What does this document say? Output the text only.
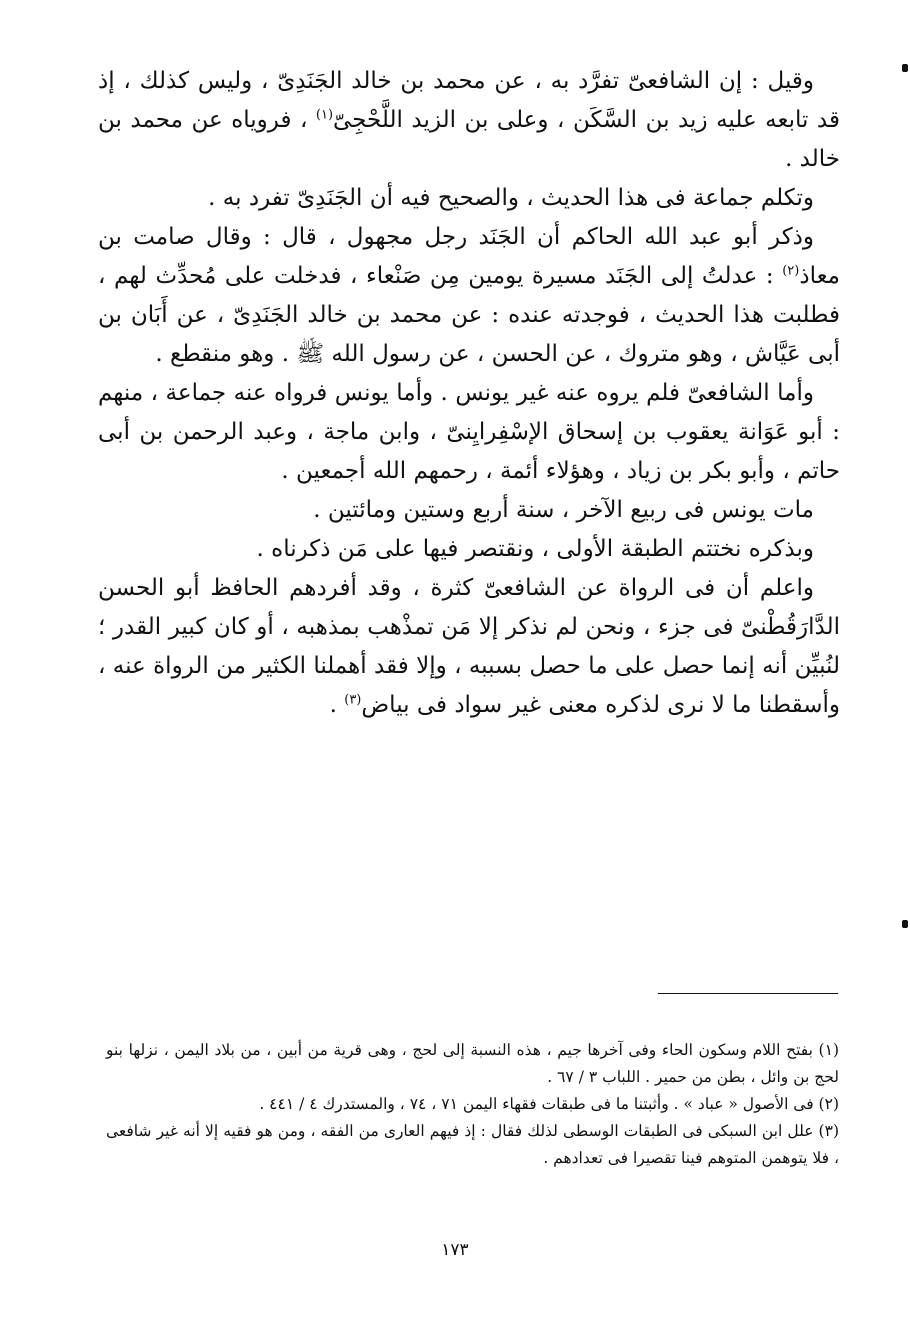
وقيل : إن الشافعىّ تفرَّد به ، عن محمد بن خالد الجَنَدِىّ ، وليس كذلك ، إذ قد تابعه عليه زيد بن السَّكَن ، وعلى بن الزيد اللَّحْجِىّ$^{(١)}$ ، فروياه عن محمد بن خالد .

وتكلم جماعة فى هذا الحديث ، والصحيح فيه أن الجَنَدِىّ تفرد به .

وذكر أبو عبد الله الحاكم أن الجَنَد رجل مجهول ، قال : وقال صامت بن معاذ$^{(٢)}$ : عدلتُ إلى الجَنَد مسيرة يومين مِن صَنْعاء ، فدخلت على مُحدِّث لهم ، فطلبت هذا الحديث ، فوجدته عنده : عن محمد بن خالد الجَنَدِىّ ، عن أَبَان بن أبى عَيَّاش ، وهو متروك ، عن الحسن ، عن رسول الله ﷺ . وهو منقطع .

وأما الشافعىّ فلم يروه عنه غير يونس . وأما يونس فرواه عنه جماعة ، منهم : أبو عَوَانة يعقوب بن إسحاق الإسْفِرايِنىّ ، وابن ماجة ، وعبد الرحمن بن أبى حاتم ، وأبو بكر بن زياد ، وهؤلاء أئمة ، رحمهم الله أجمعين .

مات يونس فى ربيع الآخر ، سنة أربع وستين ومائتين .

وبذكره نختتم الطبقة الأولى ، ونقتصر فيها على مَن ذكرناه .

واعلم أن فى الرواة عن الشافعىّ كثرة ، وقد أفردهم الحافظ أبو الحسن الدَّارَقُطْنىّ فى جزء ، ونحن لم نذكر إلا مَن تمذْهب بمذهبه ، أو كان كبير القدر ؛ لنُبيِّن أنه إنما حصل على ما حصل بسببه ، وإلا فقد أهملنا الكثير من الرواة عنه ، وأسقطنا ما لا نرى لذكره معنى غير سواد فى بياض$^{(٣)}$ .

(١) بفتح اللام وسكون الحاء وفى آخرها جيم ، هذه النسبة إلى لحج ، وهى قرية من أبين ، من بلاد اليمن ، نزلها بنو لحج بن وائل ، بطن من حمير . اللباب ٣ / ٦٧ .

(٢) فى الأصول « عباد » . وأثبتنا ما فى طبقات فقهاء اليمن ٧١ ، ٧٤ ، والمستدرك ٤ / ٤٤١ .

(٣) علل ابن السبكى فى الطبقات الوسطى لذلك فقال : إذ فيهم العارى من الفقه ، ومن هو فقيه إلا أنه غير شافعى ، فلا يتوهمن المتوهم فينا تقصيرا فى تعدادهم .

١٧٣
